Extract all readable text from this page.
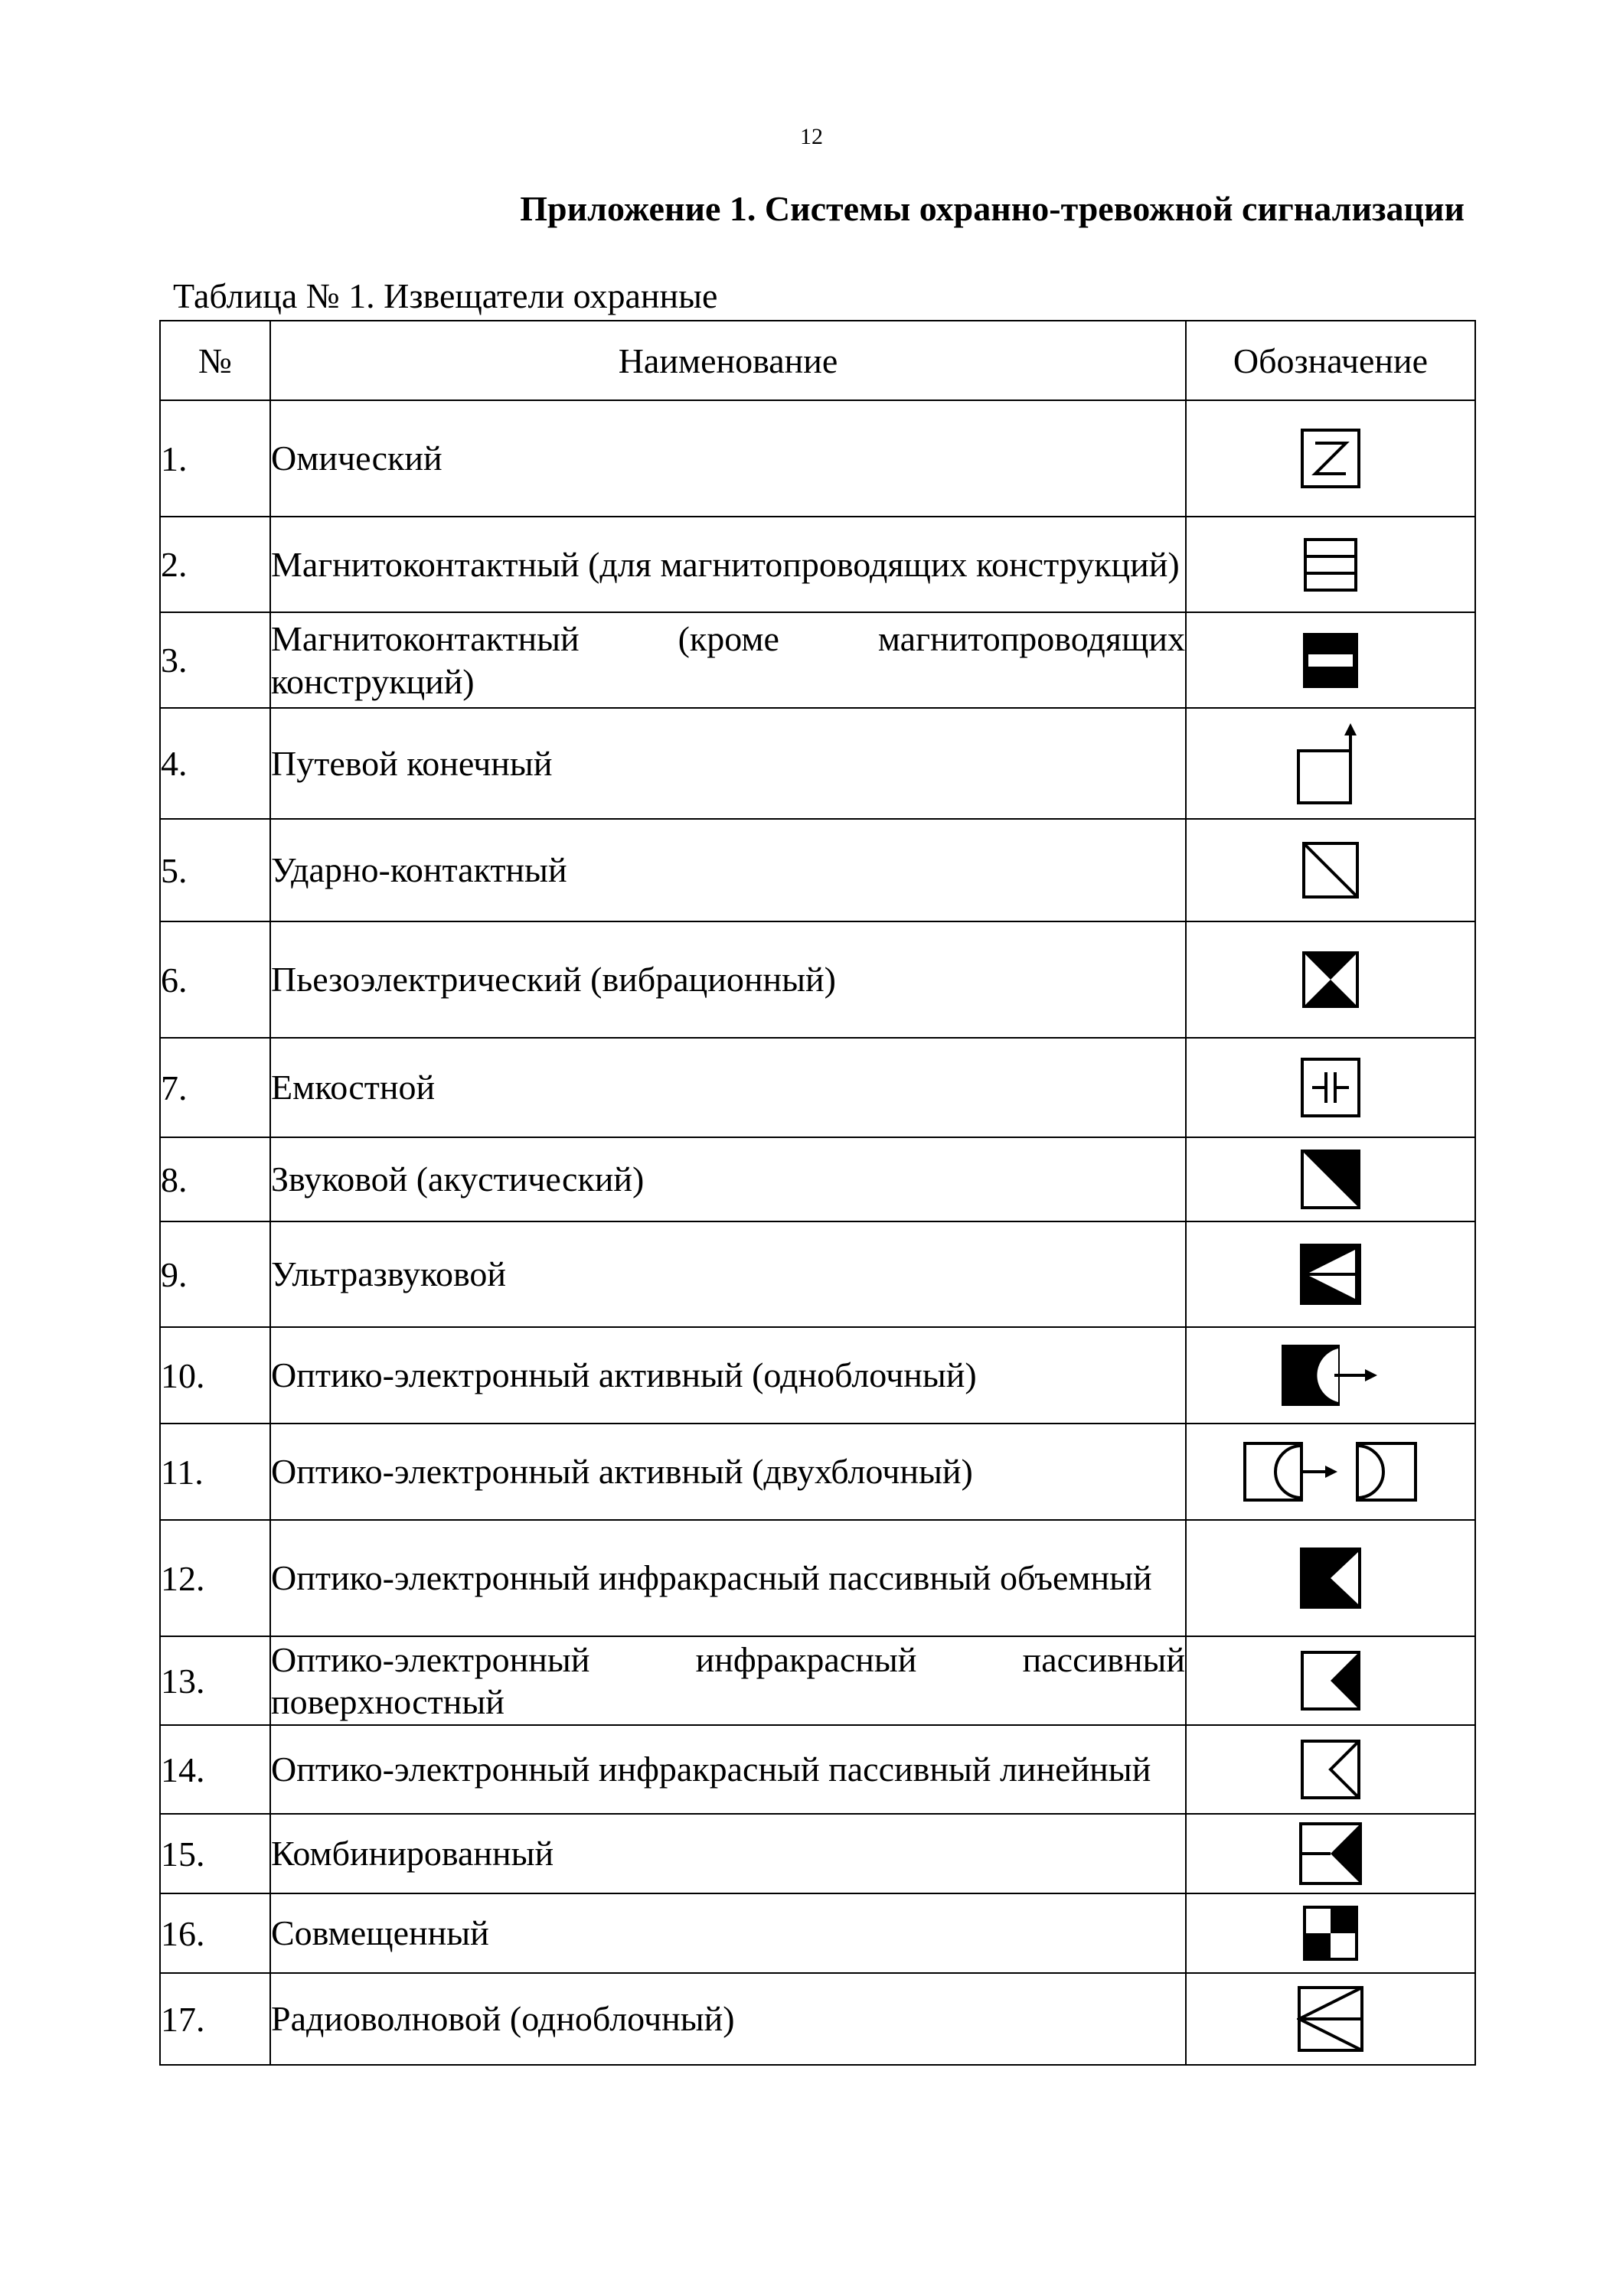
12
Приложение 1. Системы охранно-тревожной сигнализации
Таблица № 1. Извещатели охранные
№	Наименование	Обозначение
1.	Омический	
2.	Магнитоконтактный (для магнитопроводящих конструкций)	
3.	Магнитоконтактный (кроме магнитопроводящих конструкций)	
4.	Путевой конечный	
5.	Ударно-контактный	
6.	Пьезоэлектрический (вибрационный)	
7.	Емкостной	
8.	Звуковой (акустический)	
9.	Ультразвуковой	
10.	Оптико-электронный активный (одноблочный)	
11.	Оптико-электронный активный (двухблочный)	
12.	Оптико-электронный инфракрасный пассивный объемный	
13.	Оптико-электронный инфракрасный пассивный поверхностный	
14.	Оптико-электронный инфракрасный пассивный линейный	
15.	Комбинированный	
16.	Совмещенный	
17.	Радиоволновой (одноблочный)	
